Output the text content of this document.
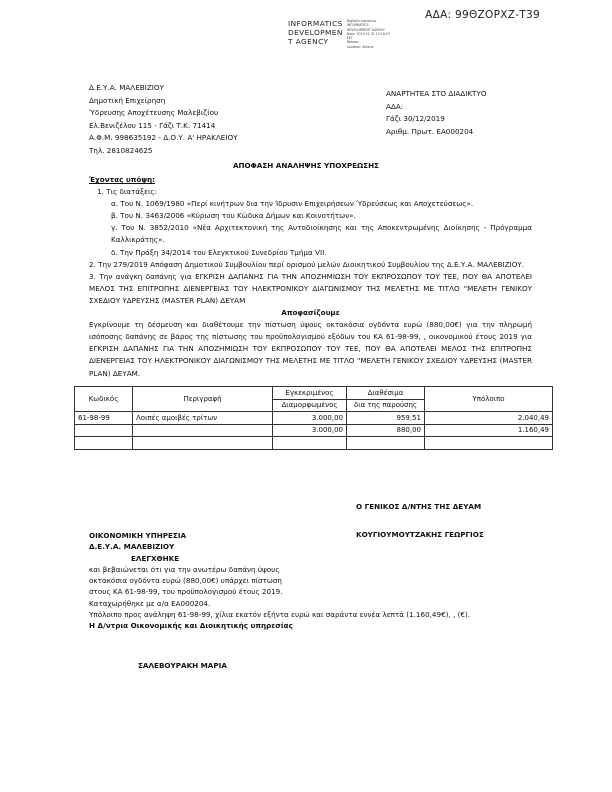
ΑΔΑ: 99ΘΖΟΡΧΖ-Τ39
INFORMATICS
DEVELOPMEN
T AGENCY
Digitally signed by
INFORMATICS
DEVELOPMENT AGENCY
Date: 2019.12.31 13:16:07
EET
Reason:
Location: Athens
Δ.Ε.Υ.Α. ΜΑΛΕΒΙΖΙΟΥ
Δημοτική Επιχείρηση
Ύδρευσης Αποχέτευσης Μαλεβιζίου
Ελ.Βενιζέλου 115 - Γάζι Τ.Κ. 71414
Α.Φ.Μ. 998635192 - Δ.Ο.Υ. Α' ΗΡΑΚΛΕΙΟΥ
Τηλ. 2810824625
ΑΝΑΡΤΗΤΕΑ ΣΤΟ ΔΙΑΔΙΚΤΥΟ
ΑΔΑ:
Γάζι 30/12/2019
Αριθμ. Πρωτ. ΕΑ000204
ΑΠΟΦΑΣΗ ΑΝΑΛΗΨΗΣ ΥΠΟΧΡΕΩΣΗΣ

Έχοντας υπόψη:

1. Τις διατάξεις:

α. Του Ν. 1069/1980 «Περί κινήτρων δια την Ίδρυσιν Επιχειρήσεων Ύδρεύσεως και Αποχετεύσεως».

β. Του Ν. 3463/2006 «Κύρωση του Κώδικα Δήμων και Κοινοτήτων».

γ. Του Ν. 3852/2010 «Νέα Αρχιτεκτονική της Αυτοδιοίκησης και της Αποκεντρωμένης Διοίκησης - Πρόγραμμα Καλλικράτης».

δ. Την Πράξη 34/2014 του Ελεγκτικού Συνεδρίου Τμήμα VII.

2. Την 279/2019 Απόφαση Δημοτικού Συμβουλίου περί ορισμού μελών Διοικητικού Συμβουλίου της Δ.Ε.Υ.Α. ΜΑΛΕΒΙΖΙΟΥ.

3. Την ανάγκη δαπάνης για ΕΓΚΡΙΣΗ ΔΑΠΑΝΗΣ ΓΙΑ ΤΗΝ ΑΠΟΖΗΜΙΩΣΗ ΤΟΥ ΕΚΠΡΟΣΩΠΟΥ ΤΟΥ ΤΕΕ, ΠΟΥ ΘΑ ΑΠΟΤΕΛΕΙ ΜΕΛΟΣ ΤΗΣ ΕΠΙΤΡΟΠΗΣ ΔΙΕΝΕΡΓΕΙΑΣ ΤΟΥ ΗΛΕΚΤΡΟΝΙΚΟΥ ΔΙΑΓΩΝΙΣΜΟΥ ΤΗΣ ΜΕΛΕΤΗΣ ΜΕ ΤΙΤΛΟ "ΜΕΛΕΤΗ ΓΕΝΙΚΟΥ ΣΧΕΔΙΟΥ ΥΔΡΕΥΣΗΣ (MASTER PLAN) ΔΕΥΑΜ

Αποφασίζουμε

Εγκρίνουμε τη δέσμευση και διαθέτουμε την πίστωση ύψους οκτακόσια ογδόντα ευρώ (880,00€) για την πληρωμή ισόποσης δαπάνης σε βάρος της πίστωσης του προϋπολογισμού εξόδων του ΚΑ 61-98-99, , οικονομικού έτους 2019 για ΕΓΚΡΙΣΗ ΔΑΠΑΝΗΣ ΓΙΑ ΤΗΝ ΑΠΟΖΗΜΙΩΣΗ ΤΟΥ ΕΚΠΡΟΣΩΠΟΥ ΤΟΥ ΤΕΕ, ΠΟΥ ΘΑ ΑΠΟΤΕΛΕΙ ΜΕΛΟΣ ΤΗΣ ΕΠΙΤΡΟΠΗΣ ΔΙΕΝΕΡΓΕΙΑΣ ΤΟΥ ΗΛΕΚΤΡΟΝΙΚΟΥ ΔΙΑΓΩΝΙΣΜΟΥ ΤΗΣ ΜΕΛΕΤΗΣ ΜΕ ΤΙΤΛΟ "ΜΕΛΕΤΗ ΓΕΝΙΚΟΥ ΣΧΕΔΙΟΥ ΥΔΡΕΥΣΗΣ (MASTER PLAN) ΔΕΥΑΜ.

Κωδικός	Περιγραφή	Εγκεκριμένος	Διαθέσιμα	Υπόλοιπο
		Διαμορφωμένος	δια της παρούσης	
61-98-99	Λοιπές αμοιβές τρίτων	3.000,00	959,51	2.040,49
		3.000,00	880,00	1.160,49

Ο ΓΕΝΙΚΟΣ Δ/ΝΤΗΣ ΤΗΣ ΔΕΥΑΜ
ΟΙΚΟΝΟΜΙΚΗ ΥΠΗΡΕΣΙΑ
Δ.Ε.Υ.Α. ΜΑΛΕΒΙΖΙΟΥ
ΕΛΕΓΧΘΗΚΕ
και βεβαιώνεται ότι για την ανωτέρω δαπάνη ύψους
οκτακόσια ογδόντα ευρώ (880,00€) υπάρχει πίστωση
στους ΚΑ 61-98-99, του προϋπολογισμού έτους 2019.
Καταχωρήθηκε με α/α ΕΑ000204.
Υπόλοιπο προς ανάληψη 61-98-99, χίλια εκατόν εξήντα ευρώ και σαράντα εννέα λεπτά (1.160,49€), , (€).
Η Δ/ντρια Οικονομικής και Διοικητικής υπηρεσίας
ΚΟΥΓΙΟΥΜΟΥΤΖΑΚΗΣ ΓΕΩΡΓΙΟΣ
ΣΑΛΕΒΟΥΡΑΚΗ ΜΑΡΙΑ
